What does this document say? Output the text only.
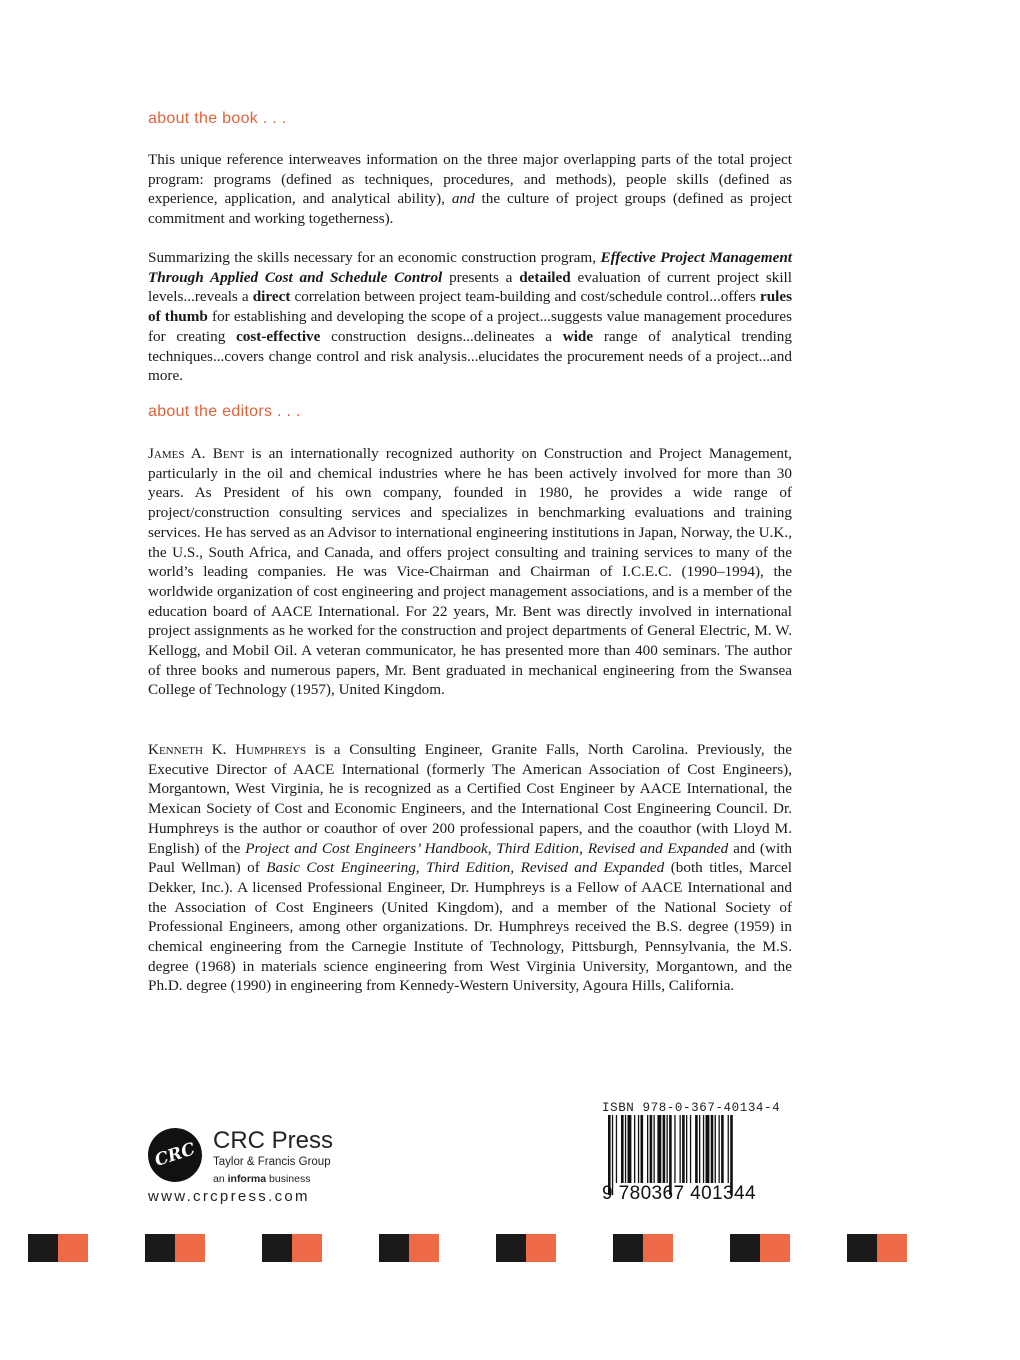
about the book . . .

This unique reference interweaves information on the three major overlapping parts of the total project program: programs (defined as techniques, procedures, and methods), people skills (defined as experience, application, and analytical ability), and the culture of project groups (defined as project commitment and working togetherness).

Summarizing the skills necessary for an economic construction program, Effective Project Management Through Applied Cost and Schedule Control presents a detailed evaluation of current project skill levels...reveals a direct correlation between project team-building and cost/schedule control...offers rules of thumb for establishing and developing the scope of a project...suggests value management procedures for creating cost-effective construction designs...delineates a wide range of analytical trending techniques...covers change control and risk analysis...elucidates the procurement needs of a project...and more.

about the editors . . .

James A. Bent is an internationally recognized authority on Construction and Project Management, particularly in the oil and chemical industries where he has been actively involved for more than 30 years. As President of his own company, founded in 1980, he provides a wide range of project/construction consulting services and specializes in benchmarking evaluations and training services. He has served as an Advisor to international engineering institutions in Japan, Norway, the U.K., the U.S., South Africa, and Canada, and offers project consulting and training services to many of the world’s leading companies. He was Vice-Chairman and Chairman of I.C.E.C. (1990–1994), the worldwide organization of cost engineering and project management associations, and is a member of the education board of AACE International. For 22 years, Mr. Bent was directly involved in international project assignments as he worked for the construction and project departments of General Electric, M. W. Kellogg, and Mobil Oil. A veteran communicator, he has presented more than 400 seminars. The author of three books and numerous papers, Mr. Bent graduated in mechanical engineering from the Swansea College of Technology (1957), United Kingdom.

Kenneth K. Humphreys is a Consulting Engineer, Granite Falls, North Carolina. Previously, the Executive Director of AACE International (formerly The American Association of Cost Engineers), Morgantown, West Virginia, he is recognized as a Certified Cost Engineer by AACE International, the Mexican Society of Cost and Economic Engineers, and the International Cost Engineering Council. Dr. Humphreys is the author or coauthor of over 200 professional papers, and the coauthor (with Lloyd M. English) of the Project and Cost Engineers’ Handbook, Third Edition, Revised and Expanded and (with Paul Wellman) of Basic Cost Engineering, Third Edition, Revised and Expanded (both titles, Marcel Dekker, Inc.). A licensed Professional Engineer, Dr. Humphreys is a Fellow of AACE International and the Association of Cost Engineers (United Kingdom), and a member of the National Society of Professional Engineers, among other organizations. Dr. Humphreys received the B.S. degree (1959) in chemical engineering from the Carnegie Institute of Technology, Pittsburgh, Pennsylvania, the M.S. degree (1968) in materials science engineering from West Virginia University, Morgantown, and the Ph.D. degree (1990) in engineering from Kennedy-Western University, Agoura Hills, California.

CRC CRC Press
Taylor & Francis Group
an informa business
www.crcpress.com
ISBN 978-0-367-40134-4
9 780367 401344
